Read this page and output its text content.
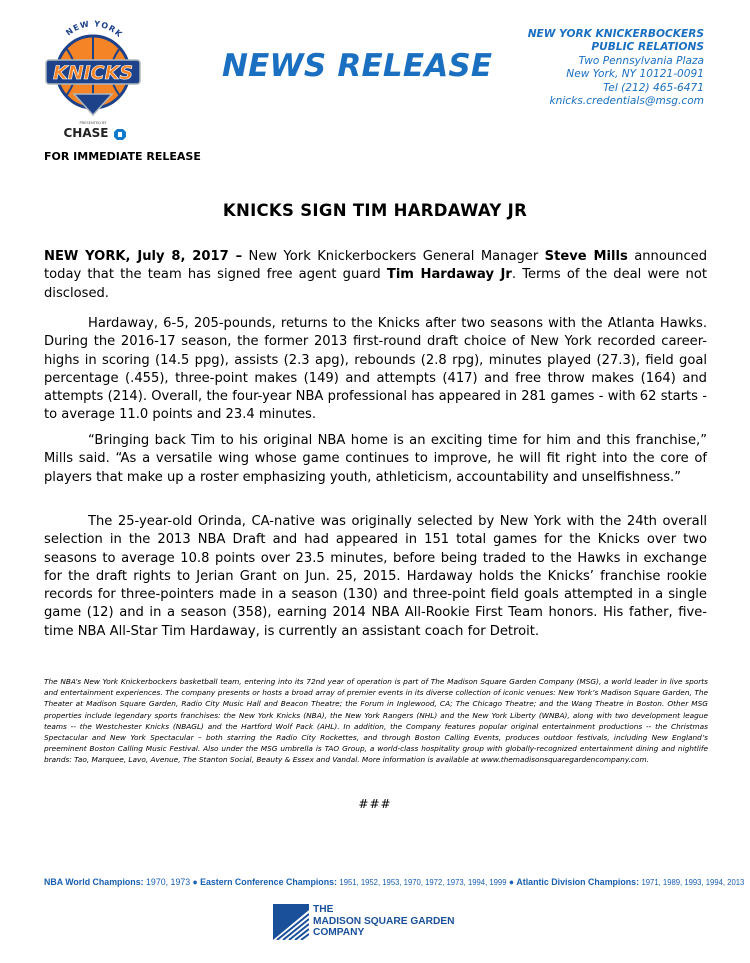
NEW YORK
KNICKS
PRESENTED BY
CHASE
NEWS RELEASE
NEW YORK KNICKERBOCKERS
PUBLIC RELATIONS
Two Pennsylvania Plaza
New York, NY 10121-0091
Tel (212) 465-6471
knicks.credentials@msg.com
FOR IMMEDIATE RELEASE
KNICKS SIGN TIM HARDAWAY JR

NEW YORK, July 8, 2017 – New York Knickerbockers General Manager Steve Mills announced today that the team has signed free agent guard Tim Hardaway Jr. Terms of the deal were not disclosed.

Hardaway, 6-5, 205-pounds, returns to the Knicks after two seasons with the Atlanta Hawks. During the 2016-17 season, the former 2013 first-round draft choice of New York recorded career-highs in scoring (14.5 ppg), assists (2.3 apg), rebounds (2.8 rpg), minutes played (27.3), field goal percentage (.455), three-point makes (149) and attempts (417) and free throw makes (164) and attempts (214). Overall, the four-year NBA professional has appeared in 281 games - with 62 starts - to average 11.0 points and 23.4 minutes.

“Bringing back Tim to his original NBA home is an exciting time for him and this franchise,” Mills said. “As a versatile wing whose game continues to improve, he will fit right into the core of players that make up a roster emphasizing youth, athleticism, accountability and unselfishness.”

The 25-year-old Orinda, CA-native was originally selected by New York with the 24th overall selection in the 2013 NBA Draft and had appeared in 151 total games for the Knicks over two seasons to average 10.8 points over 23.5 minutes, before being traded to the Hawks in exchange for the draft rights to Jerian Grant on Jun. 25, 2015. Hardaway holds the Knicks’ franchise rookie records for three-pointers made in a season (130) and three-point field goals attempted in a single game (12) and in a season (358), earning 2014 NBA All-Rookie First Team honors. His father, five-time NBA All-Star Tim Hardaway, is currently an assistant coach for Detroit.

The NBA’s New York Knickerbockers basketball team, entering into its 72nd year of operation is part of The Madison Square Garden Company (MSG), a world leader in live sports and entertainment experiences. The company presents or hosts a broad array of premier events in its diverse collection of iconic venues: New York’s Madison Square Garden, The Theater at Madison Square Garden, Radio City Music Hall and Beacon Theatre; the Forum in Inglewood, CA; The Chicago Theatre; and the Wang Theatre in Boston. Other MSG properties include legendary sports franchises: the New York Knicks (NBA), the New York Rangers (NHL) and the New York Liberty (WNBA), along with two development league teams -- the Westchester Knicks (NBAGL) and the Hartford Wolf Pack (AHL). In addition, the Company features popular original entertainment productions -- the Christmas Spectacular and New York Spectacular – both starring the Radio City Rockettes, and through Boston Calling Events, produces outdoor festivals, including New England’s preeminent Boston Calling Music Festival. Also under the MSG umbrella is TAO Group, a world-class hospitality group with globally-recognized entertainment dining and nightlife brands: Tao, Marquee, Lavo, Avenue, The Stanton Social, Beauty & Essex and Vandal. More information is available at www.themadisonsquaregardencompany.com.

###
NBA World Champions: 1970, 1973 ● Eastern Conference Champions: 1951, 1952, 1953, 1970, 1972, 1973, 1994, 1999 ● Atlantic Division Champions: 1971, 1989, 1993, 1994, 2013
THE
MADISON SQUARE GARDEN
COMPANY
